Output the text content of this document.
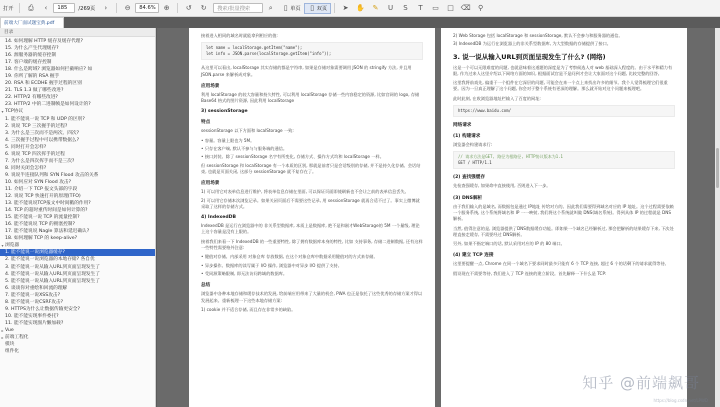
打开 ⎙	‹	185 /269页	›	⊖	84.6% ⊕ ↺ ↻	搜索/批量搜索	⌕	▯ 单页	▯ 双页 ➤ ✋ ✎ U	S	T	▭ □ ⌫ ⚲
前端大厂面试题宝典.pdf
目录
14. 如何理解 HTTP 缓存及缓存代理?
15. 为什么产生代理缓存?
16. 源服务器的缓存控制
17. 客户端的缓存控制
18. 什么是跨域? 浏览器如何拦截响应? 如
19. 你所了解的 RSA 握手
20. RSA 和 ECDHE 握手过程的区别
21. TLS 1.3 做了哪些改进?
22. HTTP/2 有哪些改进?
23. HTTP/2 中的二进制帧是如何设计的?
▾ TCP协议
1. 能不能说一说 TCP 和 UDP 的区别?
2. 说说 TCP 三次握手的过程?
3. 为什么是三次而不是两次、四次?
4. 三次握手过程中可以携带数据么?
5. 同时打开会怎样?
6. 说说 TCP 四次挥手的过程
7. 为什么是四次挥手而不是三次?
8. 同时关闭会怎样?
9. 说说半连接队列和 SYN Flood 攻击的关系
10. 如何应对 SYN Flood 攻击?
11. 介绍一下 TCP 报文头部的字段
12. 说说 TCP 快速打开的原理(TFO)
13. 能不能说说TCP报文中时间戳的作用?
14. TCP 的超时重传时间是如何计算的?
15. 能不能说一说 TCP 的流量控制?
16. 能不能说说 TCP 的拥塞控制?
17. 能不能说说 Nagle 算法和延迟确认?
18. 如何理解 TCP 的 keep-alive?
▾ 浏览器
1. 能不能说一说浏览器缓存?
2. 能不能说一说浏览器的本地存储? 各自优
3. 能不能说一说从输入URL到页面呈现发生了
4. 能不能说一说从输入URL到页面呈现发生了
5. 能不能说一说从输入URL到页面呈现发生了
6. 谈谈你对重绘和回流的理解
7. 能不能说一说XSS攻击?
8. 能不能说一说CSRF攻击?
9. HTTPS为什么让数据传输更安全?
10. 能不能实现事件委托?
11. 能不能实现图片懒加载?
▸ Vue
▸ 前端工程化
模块
组件化
接着进入相同的域名时就能拿到相应的值:
let name = localStorage.getItem("name");
let info = JSON.parse(localStorage.getItem("info"));
从这里可以看出, localStorage 其实存储的都是字符串, 如果是存储对象需要调用 JSON 的 stringify 方法, 并且用 JSON.parse 来解析成对象。
应用场景
利用 localStorage 的较大容量和持久特性, 可以利用 localStorage 存储一些内容稳定的资源, 比如官网的 logo, 存储 Base64 格式的图片资源, 因此利用 localStorage
3) sessionStorage
特点
sessionStorage 以下方面和 localStorage 一致:
• 容量。容量上限也为 5M。
• 只存在客户端, 默认不参与与服务端的通信。
• 接口封装。除了 sessionStorage 名字有所变化, 存储方式、操作方式均和 localStorage 一样。
但 sessionStorage 和 localStorage 有一个本质的区别, 那就是前者只是会话级别的存储, 并不是持久化存储。会话结束, 也就是页面关闭, 这部分 sessionStorage 就不复存在了。
应用场景
1) 可以用它对表单信息进行维护, 将表单信息存储在里面, 可以保证页面即使刷新也不会让之前的表单信息丢失。
2) 可以用它存储本次浏览记录。如果关闭页面后不需要这些记录, 用 sessionStorage 就再合适不过了。事实上微博就采取了这样的存储方式。
4) IndexedDB
IndexedDB 是运行在浏览器中的 非关系型数据库, 本质上是数据库, 绝不是和刚才WebStorage的 5M 一个量级, 理论上这个容量是没有上限的。
接着我们来看一下 IndexedDB 的一些重要特性, 除了拥有数据库本身的特性, 比如 支持事务, 存储二进制数据, 还有这样一些特性需要格外注意:
• 键值对存储。内部采用 对象仓库 存放数据, 在这个对象仓库中数据采用键值对的方式来存储。
• 异步操作。数据库的读写属于 I/O 操作, 浏览器中对异步 I/O 提供了支持。
• 受同源策略限制, 即无法访问跨域的数据库。
总结
浏览器中各种本地存储和缓存技术的发展, 给前端应用带来了大量的机会, PWA 也正是依托了这些优秀的存储方案才得以发展起来。重新梳理一下这些本地存储方案:
1) cookie 并不适合存储, 而且存在非常多的缺陷。
2) Web Storage 包括 localStorage 和 sessionStorage, 默认不会参与和服务器的通信。
3) IndexedDB 为运行在浏览器上的非关系型数据库, 为大型数据的存储提供了接口。
3. 说一说从输入URL到页面呈现发生了什么? (网络)
这是一个可以无限难度的问题, 也就意味着这道题的深度是为了考察候选人对 web 基础深入程度的。由于水平和精力有限, 作为过来人这里介绍以下网络方面的知识, 根据面试官是不是问到才会让大家面对这个问题, 比较完整的回答。
这里我将前戏先, 偏重于一个组件在它深层的问题, 可能会在来一个点上来找出许多的细节。我个人觉得梳理它们很重要。因为一旦真正理解了这个问题, 你会对于整个系统有更深的理解。那么就开始对这个问题来梳理吧。
此时此刻, 在收浏览器地址栏输入了百度的网址:
https://www.baidu.com/
网络请求
(1) 构建请求
浏览器会构建请求行:
// 请求方法是GET, 路径为根路径, HTTP协议版本为1.1
GET / HTTP/1.1
(2) 查找强缓存
先检查强缓存, 如果命中直接使用, 否则进入下一步。
(3) DNS解析
由于我们输入的是域名, 而数据包是通过 IP地址 传给对方的。因此我们需要得到域名对应的 IP 地址。这个过程需要依赖一个服务系统, 这个系统将域名和 IP 一一映射, 我们将这个系统就叫做 DNS(域名系统)。得到具体 IP 的过程就是 DNS 解析。
当然, 值得注意的是, 浏览器提供了DNS数据缓存功能。即如果一个域名已经解析过, 那会把解析的结果缓存下来, 下次处理直接走缓存, 不需要经过 DNS解析。
另外, 如果不指定端口的话, 默认采用对应的 IP 的 80 端口。
(4) 建立 TCP 连接
这里要提醒一点, Chrome 在同一个域名下要求同时最多只能有 6 个 TCP 连接, 超过 6 个的话剩下的请求就得等待。
假设现在不需要等待, 我们进入了 TCP 连接的建立阶段。首先解释一下什么是 TCP:
知乎 @前端飙哥
https://blog.csdn.net/LPWD
